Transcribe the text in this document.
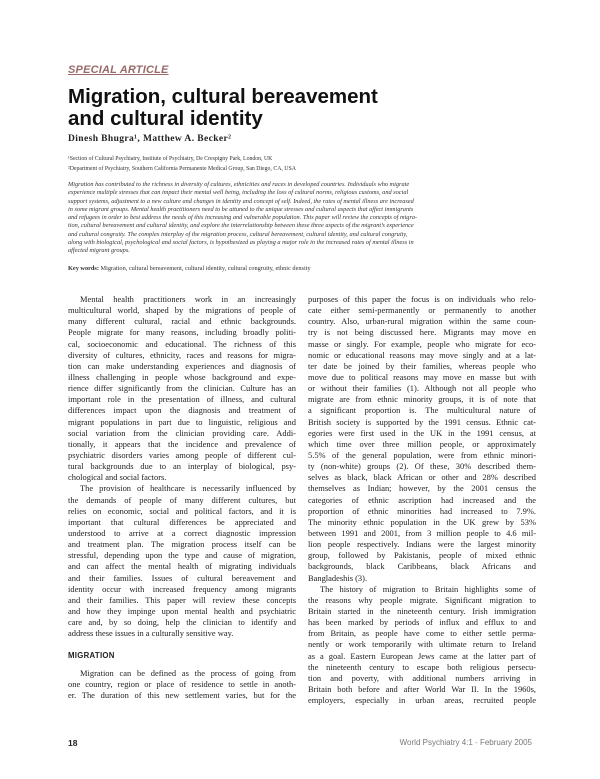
SPECIAL ARTICLE
Migration, cultural bereavement
and cultural identity
Dinesh Bhugra¹, Matthew A. Becker²
¹Section of Cultural Psychiatry, Institute of Psychiatry, De Crespigny Park, London, UK
²Department of Psychiatry, Southern California Permanente Medical Group, San Diego, CA, USA
Migration has contributed to the richness in diversity of cultures, ethnicities and races in developed countries. Individuals who migrate
experience multiple stresses that can impact their mental well being, including the loss of cultural norms, religious customs, and social
support systems, adjustment to a new culture and changes in identity and concept of self. Indeed, the rates of mental illness are increased
in some migrant groups. Mental health practitioners need to be attuned to the unique stresses and cultural aspects that affect immigrants
and refugees in order to best address the needs of this increasing and vulnerable population. This paper will review the concepts of migra-
tion, cultural bereavement and cultural identity, and explore the interrelationship between these three aspects of the migrant’s experience
and cultural congruity. The complex interplay of the migration process, cultural bereavement, cultural identity, and cultural congruity,
along with biological, psychological and social factors, is hypothesized as playing a major role in the increased rates of mental illness in
affected migrant groups.
Key words: Migration, cultural bereavement, cultural identity, cultural congruity, ethnic density
Mental health practitioners work in an increasingly
multicultural world, shaped by the migrations of people of
many different cultural, racial and ethnic backgrounds.
People migrate for many reasons, including broadly politi-
cal, socioeconomic and educational. The richness of this
diversity of cultures, ethnicity, races and reasons for migra-
tion can make understanding experiences and diagnosis of
illness challenging in people whose background and expe-
rience differ significantly from the clinician. Culture has an
important role in the presentation of illness, and cultural
differences impact upon the diagnosis and treatment of
migrant populations in part due to linguistic, religious and
social variation from the clinician providing care. Addi-
tionally, it appears that the incidence and prevalence of
psychiatric disorders varies among people of different cul-
tural backgrounds due to an interplay of biological, psy-
chological and social factors.
The provision of healthcare is necessarily influenced by
the demands of people of many different cultures, but
relies on economic, social and political factors, and it is
important that cultural differences be appreciated and
understood to arrive at a correct diagnostic impression
and treatment plan. The migration process itself can be
stressful, depending upon the type and cause of migration,
and can affect the mental health of migrating individuals
and their families. Issues of cultural bereavement and
identity occur with increased frequency among migrants
and their families. This paper will review these concepts
and how they impinge upon mental health and psychiatric
care and, by so doing, help the clinician to identify and
address these issues in a culturally sensitive way.
MIGRATION
Migration can be defined as the process of going from
one country, region or place of residence to settle in anoth-
er. The duration of this new settlement varies, but for the
purposes of this paper the focus is on individuals who relo-
cate either semi-permanently or permanently to another
country. Also, urban-rural migration within the same coun-
try is not being discussed here. Migrants may move en
masse or singly. For example, people who migrate for eco-
nomic or educational reasons may move singly and at a lat-
ter date be joined by their families, whereas people who
move due to political reasons may move en masse but with
or without their families (1). Although not all people who
migrate are from ethnic minority groups, it is of note that
a significant proportion is. The multicultural nature of
British society is supported by the 1991 census. Ethnic cat-
egories were first used in the UK in the 1991 census, at
which time over three million people, or approximately
5.5% of the general population, were from ethnic minori-
ty (non-white) groups (2). Of these, 30% described them-
selves as black, black African or other and 28% described
themselves as Indian; however, by the 2001 census the
categories of ethnic ascription had increased and the
proportion of ethnic minorities had increased to 7.9%.
The minority ethnic population in the UK grew by 53%
between 1991 and 2001, from 3 million people to 4.6 mil-
lion people respectively. Indians were the largest minority
group, followed by Pakistanis, people of mixed ethnic
backgrounds, black Caribbeans, black Africans and
Bangladeshis (3).
The history of migration to Britain highlights some of
the reasons why people migrate. Significant migration to
Britain started in the nineteenth century. Irish immigration
has been marked by periods of influx and efflux to and
from Britain, as people have come to either settle perma-
nently or work temporarily with ultimate return to Ireland
as a goal. Eastern European Jews came at the latter part of
the nineteenth century to escape both religious persecu-
tion and poverty, with additional numbers arriving in
Britain both before and after World War II. In the 1960s,
employers, especially in urban areas, recruited people
18	World Psychiatry 4:1 - February 2005
